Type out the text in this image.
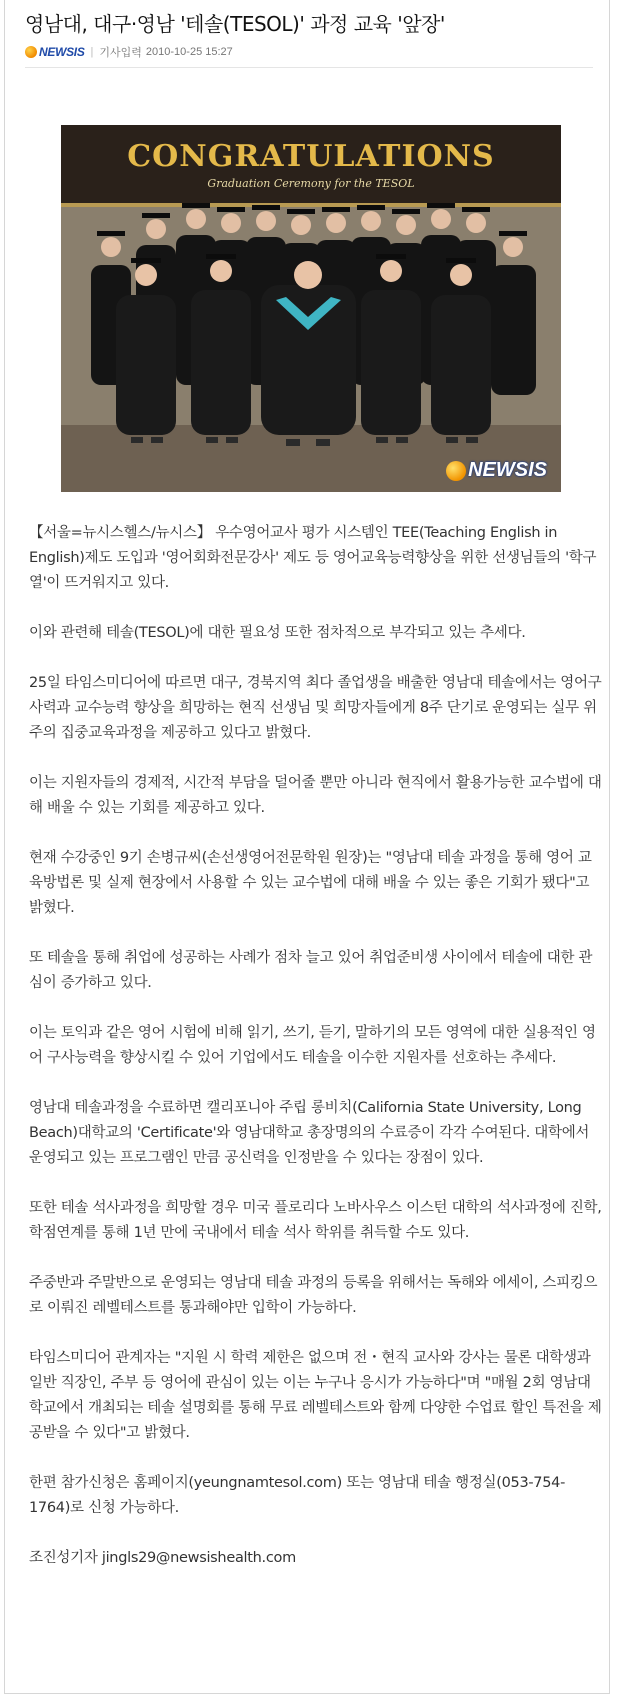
영남대, 대구·영남 '테솔(TESOL)' 과정 교육 '앞장'
NEWSIS | 기사입력 2010-10-25 15:27
CONGRATULATIONS
Graduation Ceremony for the TESOL
NEWSIS

【서울=뉴시스헬스/뉴시스】 우수영어교사 평가 시스템인 TEE(Teaching English in English)제도 도입과 '영어회화전문강사' 제도 등 영어교육능력향상을 위한 선생님들의 '학구열'이 뜨거워지고 있다.

이와 관련해 테솔(TESOL)에 대한 필요성 또한 점차적으로 부각되고 있는 추세다.

25일 타임스미디어에 따르면 대구, 경북지역 최다 졸업생을 배출한 영남대 테솔에서는 영어구사력과 교수능력 향상을 희망하는 현직 선생님 및 희망자들에게 8주 단기로 운영되는 실무 위주의 집중교육과정을 제공하고 있다고 밝혔다.

이는 지원자들의 경제적, 시간적 부담을 덜어줄 뿐만 아니라 현직에서 활용가능한 교수법에 대해 배울 수 있는 기회를 제공하고 있다.

현재 수강중인 9기 손병규씨(손선생영어전문학원 원장)는 "영남대 테솔 과정을 통해 영어 교육방법론 및 실제 현장에서 사용할 수 있는 교수법에 대해 배울 수 있는 좋은 기회가 됐다"고 밝혔다.

또 테솔을 통해 취업에 성공하는 사례가 점차 늘고 있어 취업준비생 사이에서 테솔에 대한 관심이 증가하고 있다.

이는 토익과 같은 영어 시험에 비해 읽기, 쓰기, 듣기, 말하기의 모든 영역에 대한 실용적인 영어 구사능력을 향상시킬 수 있어 기업에서도 테솔을 이수한 지원자를 선호하는 추세다.

영남대 테솔과정을 수료하면 캘리포니아 주립 롱비치(California State University, Long Beach)대학교의 'Certificate'와 영남대학교 총장명의의 수료증이 각각 수여된다. 대학에서 운영되고 있는 프로그램인 만큼 공신력을 인정받을 수 있다는 장점이 있다.

또한 테솔 석사과정을 희망할 경우 미국 플로리다 노바사우스 이스턴 대학의 석사과정에 진학, 학점연계를 통해 1년 만에 국내에서 테솔 석사 학위를 취득할 수도 있다.

주중반과 주말반으로 운영되는 영남대 테솔 과정의 등록을 위해서는 독해와 에세이, 스피킹으로 이뤄진 레벨테스트를 통과해야만 입학이 가능하다.

타임스미디어 관계자는 "지원 시 학력 제한은 없으며 전・현직 교사와 강사는 물론 대학생과 일반 직장인, 주부 등 영어에 관심이 있는 이는 누구나 응시가 가능하다"며 "매월 2회 영남대학교에서 개최되는 테솔 설명회를 통해 무료 레벨테스트와 함께 다양한 수업료 할인 특전을 제공받을 수 있다"고 밝혔다.

한편 참가신청은 홈페이지(yeungnamtesol.com) 또는 영남대 테솔 행정실(053-754-1764)로 신청 가능하다.

조진성기자 jingls29@newsishealth.com
